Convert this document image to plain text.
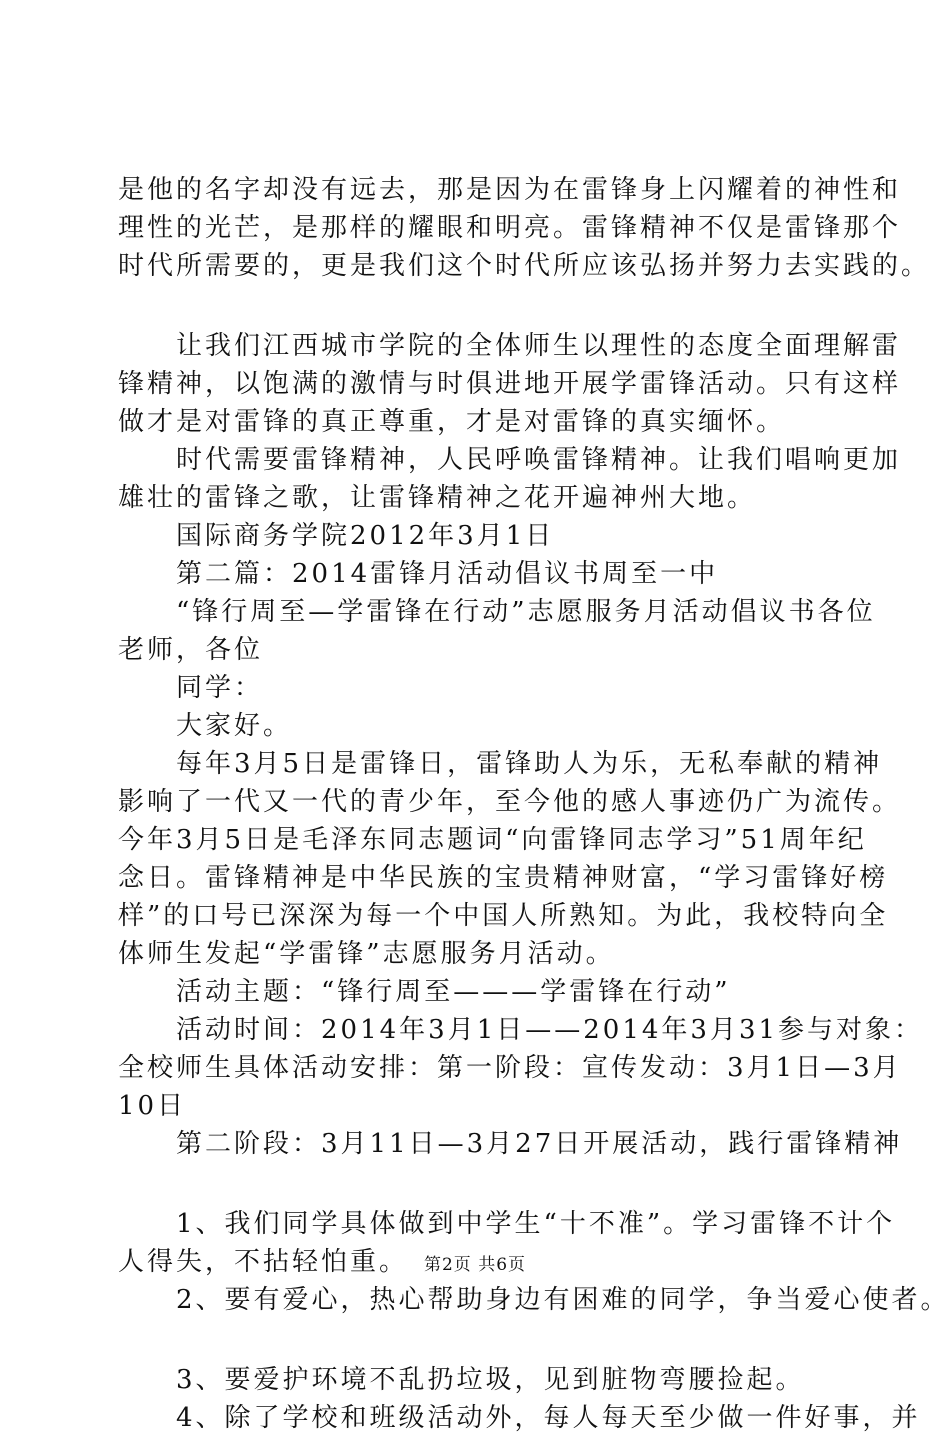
是他的名字却没有远去，那是因为在雷锋身上闪耀着的神性和
理性的光芒，是那样的耀眼和明亮。雷锋精神不仅是雷锋那个
时代所需要的，更是我们这个时代所应该弘扬并努力去实践的。
让我们江西城市学院的全体师生以理性的态度全面理解雷
锋精神，以饱满的激情与时俱进地开展学雷锋活动。只有这样
做才是对雷锋的真正尊重，才是对雷锋的真实缅怀。
时代需要雷锋精神，人民呼唤雷锋精神。让我们唱响更加
雄壮的雷锋之歌，让雷锋精神之花开遍神州大地。
国际商务学院2012年3月1日
第二篇：2014雷锋月活动倡议书周至一中
“锋行周至—学雷锋在行动”志愿服务月活动倡议书各位
老师，各位
同学：
大家好。
每年3月5日是雷锋日，雷锋助人为乐，无私奉献的精神
影响了一代又一代的青少年，至今他的感人事迹仍广为流传。
今年3月5日是毛泽东同志题词“向雷锋同志学习”51周年纪
念日。雷锋精神是中华民族的宝贵精神财富，“学习雷锋好榜
样”的口号已深深为每一个中国人所熟知。为此，我校特向全
体师生发起“学雷锋”志愿服务月活动。
活动主题：“锋行周至———学雷锋在行动”
活动时间：2014年3月1日——2014年3月31参与对象：
全校师生具体活动安排：第一阶段：宣传发动：3月1日—3月
10日
第二阶段：3月11日—3月27日开展活动，践行雷锋精神
1、我们同学具体做到中学生“十不准”。学习雷锋不计个
人得失，不拈轻怕重。
2、要有爱心，热心帮助身边有困难的同学，争当爱心使者。
3、要爱护环境不乱扔垃圾，见到脏物弯腰捡起。
4、除了学校和班级活动外，每人每天至少做一件好事，并
第2页 共6页
